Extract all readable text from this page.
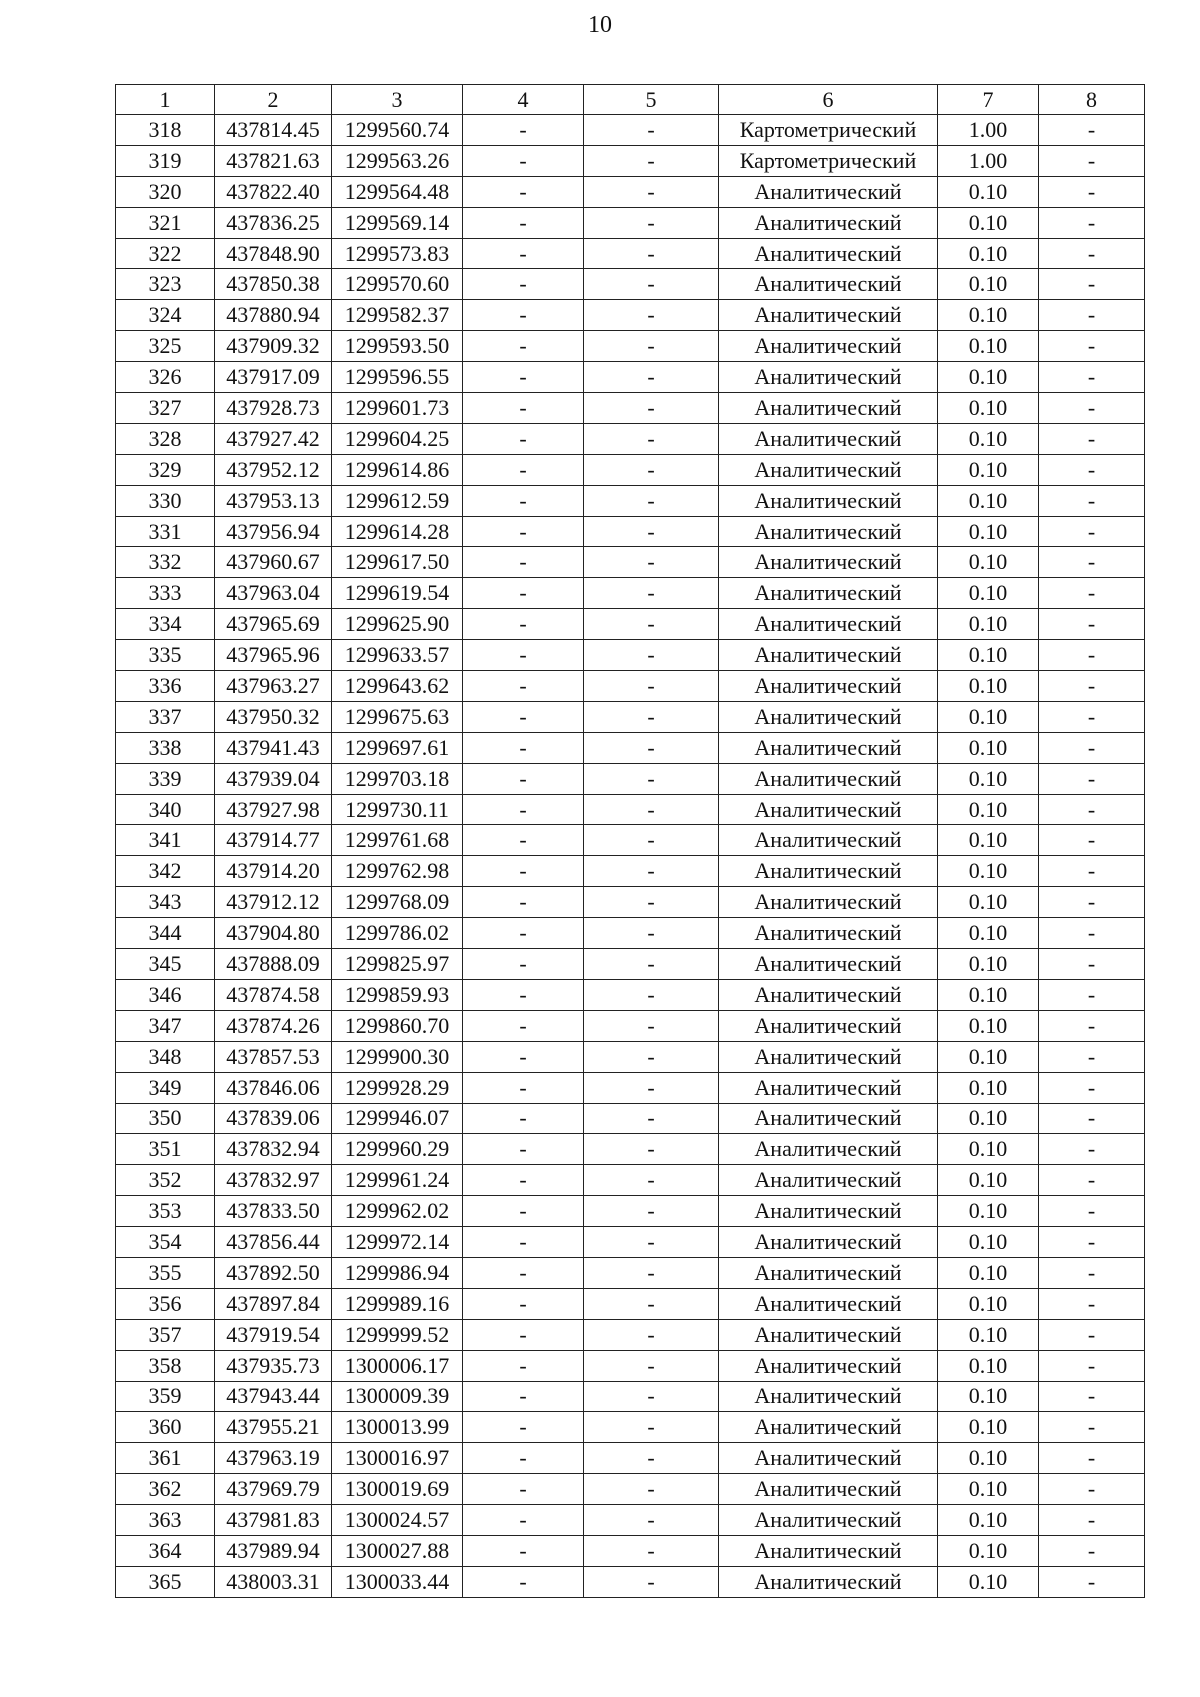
10
1	2	3	4	5	6	7	8
318	437814.45	1299560.74	-	-	Картометрический	1.00	-
319	437821.63	1299563.26	-	-	Картометрический	1.00	-
320	437822.40	1299564.48	-	-	Аналитический	0.10	-
321	437836.25	1299569.14	-	-	Аналитический	0.10	-
322	437848.90	1299573.83	-	-	Аналитический	0.10	-
323	437850.38	1299570.60	-	-	Аналитический	0.10	-
324	437880.94	1299582.37	-	-	Аналитический	0.10	-
325	437909.32	1299593.50	-	-	Аналитический	0.10	-
326	437917.09	1299596.55	-	-	Аналитический	0.10	-
327	437928.73	1299601.73	-	-	Аналитический	0.10	-
328	437927.42	1299604.25	-	-	Аналитический	0.10	-
329	437952.12	1299614.86	-	-	Аналитический	0.10	-
330	437953.13	1299612.59	-	-	Аналитический	0.10	-
331	437956.94	1299614.28	-	-	Аналитический	0.10	-
332	437960.67	1299617.50	-	-	Аналитический	0.10	-
333	437963.04	1299619.54	-	-	Аналитический	0.10	-
334	437965.69	1299625.90	-	-	Аналитический	0.10	-
335	437965.96	1299633.57	-	-	Аналитический	0.10	-
336	437963.27	1299643.62	-	-	Аналитический	0.10	-
337	437950.32	1299675.63	-	-	Аналитический	0.10	-
338	437941.43	1299697.61	-	-	Аналитический	0.10	-
339	437939.04	1299703.18	-	-	Аналитический	0.10	-
340	437927.98	1299730.11	-	-	Аналитический	0.10	-
341	437914.77	1299761.68	-	-	Аналитический	0.10	-
342	437914.20	1299762.98	-	-	Аналитический	0.10	-
343	437912.12	1299768.09	-	-	Аналитический	0.10	-
344	437904.80	1299786.02	-	-	Аналитический	0.10	-
345	437888.09	1299825.97	-	-	Аналитический	0.10	-
346	437874.58	1299859.93	-	-	Аналитический	0.10	-
347	437874.26	1299860.70	-	-	Аналитический	0.10	-
348	437857.53	1299900.30	-	-	Аналитический	0.10	-
349	437846.06	1299928.29	-	-	Аналитический	0.10	-
350	437839.06	1299946.07	-	-	Аналитический	0.10	-
351	437832.94	1299960.29	-	-	Аналитический	0.10	-
352	437832.97	1299961.24	-	-	Аналитический	0.10	-
353	437833.50	1299962.02	-	-	Аналитический	0.10	-
354	437856.44	1299972.14	-	-	Аналитический	0.10	-
355	437892.50	1299986.94	-	-	Аналитический	0.10	-
356	437897.84	1299989.16	-	-	Аналитический	0.10	-
357	437919.54	1299999.52	-	-	Аналитический	0.10	-
358	437935.73	1300006.17	-	-	Аналитический	0.10	-
359	437943.44	1300009.39	-	-	Аналитический	0.10	-
360	437955.21	1300013.99	-	-	Аналитический	0.10	-
361	437963.19	1300016.97	-	-	Аналитический	0.10	-
362	437969.79	1300019.69	-	-	Аналитический	0.10	-
363	437981.83	1300024.57	-	-	Аналитический	0.10	-
364	437989.94	1300027.88	-	-	Аналитический	0.10	-
365	438003.31	1300033.44	-	-	Аналитический	0.10	-
